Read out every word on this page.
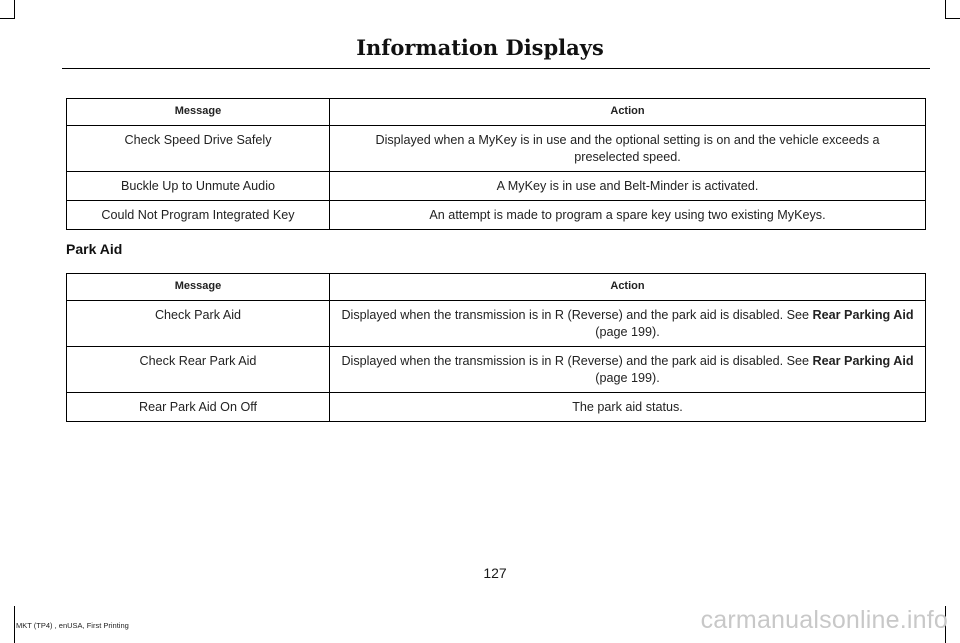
Information Displays
Message	Action
Check Speed Drive Safely	Displayed when a MyKey is in use and the optional setting is on and the vehicle exceeds a preselected speed.
Buckle Up to Unmute Audio	A MyKey is in use and Belt-Minder is activated.
Could Not Program Integrated Key	An attempt is made to program a spare key using two existing MyKeys.
Park Aid
Message	Action
Check Park Aid	Displayed when the transmission is in R (Reverse) and the park aid is disabled. See Rear Parking Aid (page 199).
Check Rear Park Aid	Displayed when the transmission is in R (Reverse) and the park aid is disabled. See Rear Parking Aid (page 199).
Rear Park Aid On Off	The park aid status.
127
MKT (TP4) , enUSA, First Printing	carmanualsonline.info
